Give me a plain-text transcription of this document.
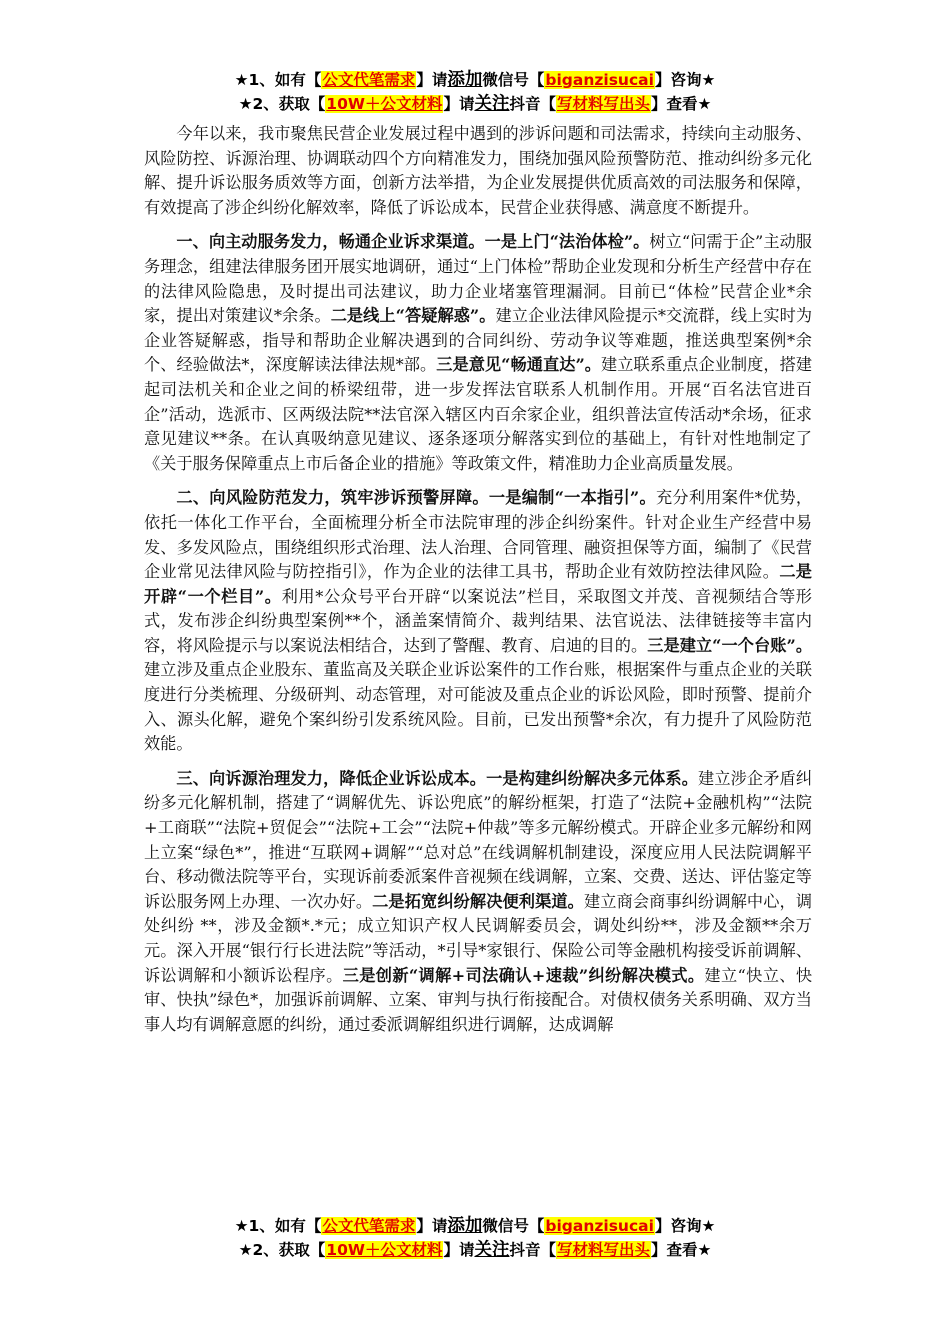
★1、如有【公文代笔需求】请添加微信号【biganzisucai】咨询★
★2、获取【10W＋公文材料】请关注抖音【写材料写出头】查看★

今年以来，我市聚焦民营企业发展过程中遇到的涉诉问题和司法需求，持续向主动服务、风险防控、诉源治理、协调联动四个方向精准发力，围绕加强风险预警防范、推动纠纷多元化解、提升诉讼服务质效等方面，创新方法举措，为企业发展提供优质高效的司法服务和保障，有效提高了涉企纠纷化解效率，降低了诉讼成本，民营企业获得感、满意度不断提升。

一、向主动服务发力，畅通企业诉求渠道。一是上门“法治体检”。树立“问需于企”主动服务理念，组建法律服务团开展实地调研，通过“上门体检”帮助企业发现和分析生产经营中存在的法律风险隐患，及时提出司法建议，助力企业堵塞管理漏洞。目前已“体检”民营企业*余家，提出对策建议*余条。二是线上“答疑解惑”。建立企业法律风险提示*交流群，线上实时为企业答疑解惑，指导和帮助企业解决遇到的合同纠纷、劳动争议等难题，推送典型案例*余个、经验做法*，深度解读法律法规*部。三是意见“畅通直达”。建立联系重点企业制度，搭建起司法机关和企业之间的桥梁纽带，进一步发挥法官联系人机制作用。开展“百名法官进百企”活动，选派市、区两级法院**法官深入辖区内百余家企业，组织普法宣传活动*余场，征求意见建议**条。在认真吸纳意见建议、逐条逐项分解落实到位的基础上，有针对性地制定了《关于服务保障重点上市后备企业的措施》等政策文件，精准助力企业高质量发展。

二、向风险防范发力，筑牢涉诉预警屏障。一是编制“一本指引”。充分利用案件*优势，依托一体化工作平台，全面梳理分析全市法院审理的涉企纠纷案件。针对企业生产经营中易发、多发风险点，围绕组织形式治理、法人治理、合同管理、融资担保等方面，编制了《民营企业常见法律风险与防控指引》，作为企业的法律工具书，帮助企业有效防控法律风险。二是开辟“一个栏目”。利用*公众号平台开辟“以案说法”栏目，采取图文并茂、音视频结合等形式，发布涉企纠纷典型案例**个，涵盖案情简介、裁判结果、法官说法、法律链接等丰富内容，将风险提示与以案说法相结合，达到了警醒、教育、启迪的目的。三是建立“一个台账”。建立涉及重点企业股东、董监高及关联企业诉讼案件的工作台账，根据案件与重点企业的关联度进行分类梳理、分级研判、动态管理，对可能波及重点企业的诉讼风险，即时预警、提前介入、源头化解，避免个案纠纷引发系统风险。目前，已发出预警*余次，有力提升了风险防范效能。

三、向诉源治理发力，降低企业诉讼成本。一是构建纠纷解决多元体系。建立涉企矛盾纠纷多元化解机制，搭建了“调解优先、诉讼兜底”的解纷框架，打造了“法院+金融机构”“法院+工商联”“法院+贸促会”“法院+工会”“法院+仲裁”等多元解纷模式。开辟企业多元解纷和网上立案“绿色*”，推进“互联网+调解”“总对总”在线调解机制建设，深度应用人民法院调解平台、移动微法院等平台，实现诉前委派案件音视频在线调解，立案、交费、送达、评估鉴定等诉讼服务网上办理、一次办好。二是拓宽纠纷解决便利渠道。建立商会商事纠纷调解中心，调处纠纷 **，涉及金额*.*元；成立知识产权人民调解委员会，调处纠纷**，涉及金额**余万元。深入开展“银行行长进法院”等活动，*引导*家银行、保险公司等金融机构接受诉前调解、诉讼调解和小额诉讼程序。三是创新“调解+司法确认+速裁”纠纷解决模式。建立“快立、快审、快执”绿色*，加强诉前调解、立案、审判与执行衔接配合。对债权债务关系明确、双方当事人均有调解意愿的纠纷，通过委派调解组织进行调解，达成调解

★1、如有【公文代笔需求】请添加微信号【biganzisucai】咨询★
★2、获取【10W＋公文材料】请关注抖音【写材料写出头】查看★
